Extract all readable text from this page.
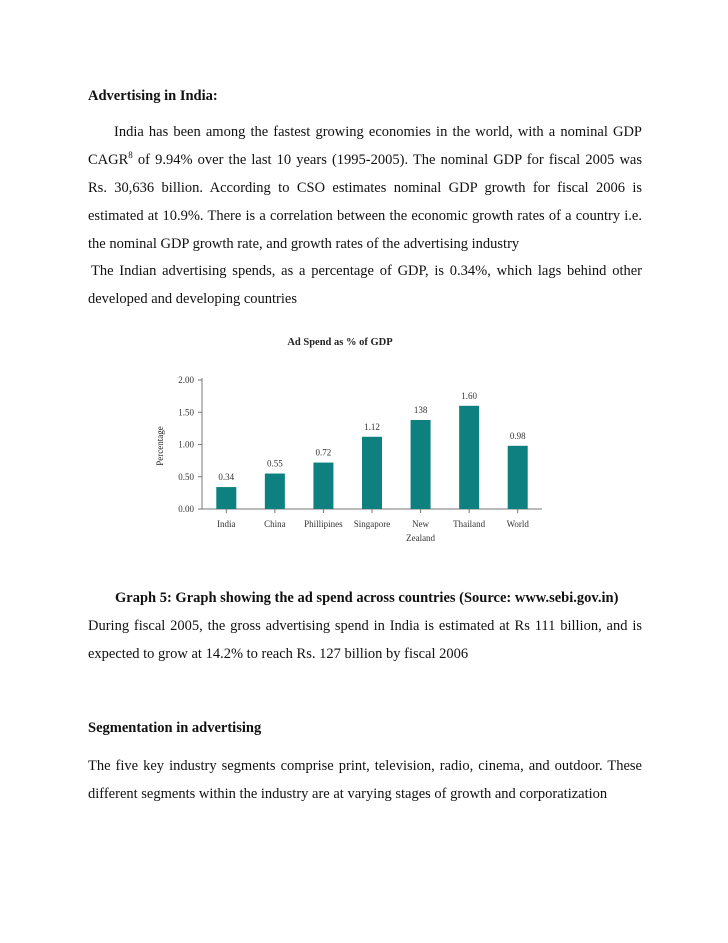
Advertising in India:

India has been among the fastest growing economies in the world, with a nominal GDP CAGR$^8$ of 9.94% over the last 10 years (1995-2005). The nominal GDP for fiscal 2005 was Rs. 30,636 billion. According to CSO estimates nominal GDP growth for fiscal 2006 is estimated at 10.9%. There is a correlation between the economic growth rates of a country i.e. the nominal GDP growth rate, and growth rates of the advertising industry

The Indian advertising spends, as a percentage of GDP, is 0.34%, which lags behind other developed and developing countries

Ad Spend as % of GDP
Percentage
0.00
0.50
1.00
1.50
2.00
0.34
India
0.55
China
0.72
Phillipines
1.12
Singapore
138
New
Zealand
1.60
Thailand
0.98
World
Graph 5: Graph showing the ad spend across countries (Source: www.sebi.gov.in)

During fiscal 2005, the gross advertising spend in India is estimated at Rs 111 billion, and is expected to grow at 14.2% to reach Rs. 127 billion by fiscal 2006

Segmentation in advertising

The five key industry segments comprise print, television, radio, cinema, and outdoor. These different segments within the industry are at varying stages of growth and corporatization
